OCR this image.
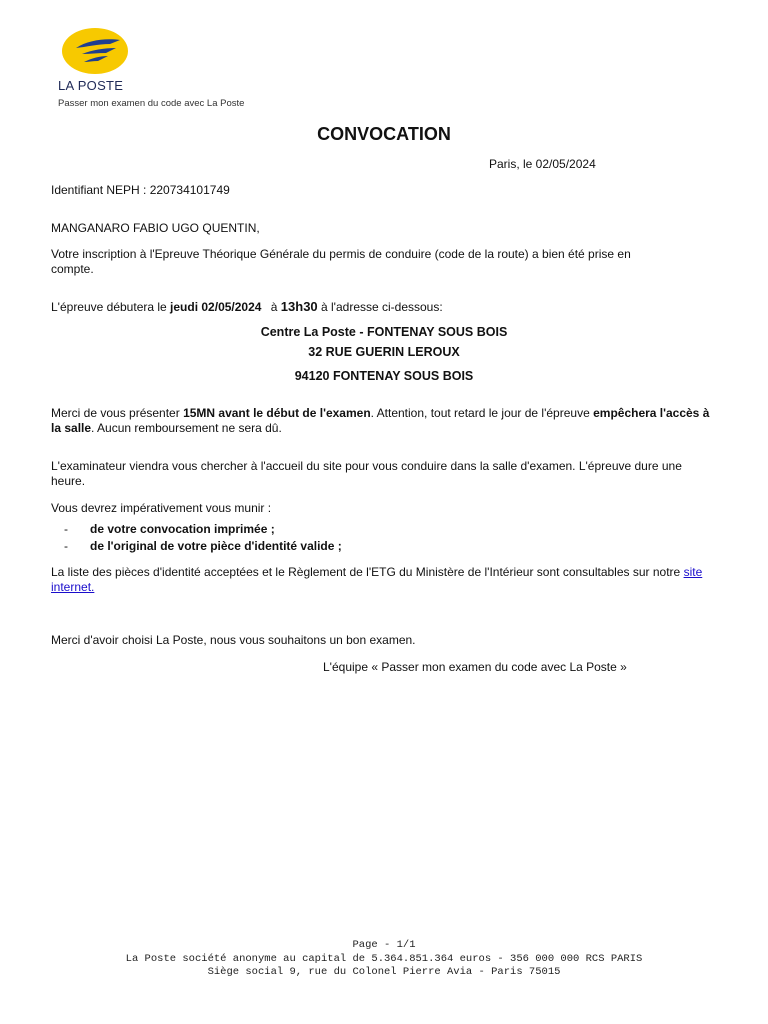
LA POSTE
Passer mon examen du code avec La Poste
CONVOCATION
Paris, le 02/05/2024
Identifiant NEPH : 220734101749
MANGANARO FABIO UGO QUENTIN,
Votre inscription à l'Epreuve Théorique Générale du permis de conduire (code de la route) a bien été prise en compte.
L'épreuve débutera le jeudi 02/05/2024 à 13h30 à l'adresse ci-dessous:
Centre La Poste - FONTENAY SOUS BOIS
32 RUE GUERIN LEROUX
94120 FONTENAY SOUS BOIS
Merci de vous présenter 15MN avant le début de l'examen. Attention, tout retard le jour de l'épreuve empêchera l'accès à la salle. Aucun remboursement ne sera dû.
L'examinateur viendra vous chercher à l'accueil du site pour vous conduire dans la salle d'examen. L'épreuve dure une heure.
Vous devrez impérativement vous munir :
- de votre convocation imprimée ;
- de l'original de votre pièce d'identité valide ;
La liste des pièces d'identité acceptées et le Règlement de l'ETG du Ministère de l'Intérieur sont consultables sur notre site internet.
Merci d'avoir choisi La Poste, nous vous souhaitons un bon examen.
L'équipe « Passer mon examen du code avec La Poste »
Page - 1/1
La Poste société anonyme au capital de 5.364.851.364 euros - 356 000 000 RCS PARIS
Siège social 9, rue du Colonel Pierre Avia - Paris 75015
